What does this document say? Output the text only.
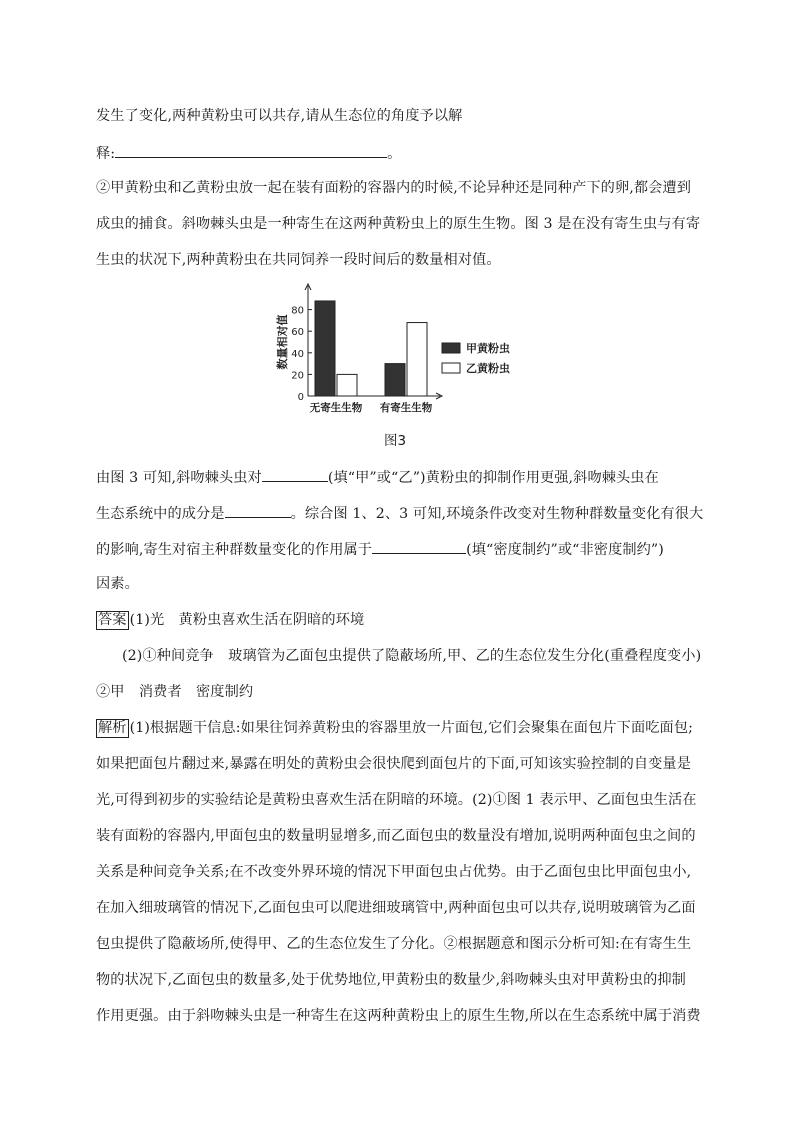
发生了变化,两种黄粉虫可以共存,请从生态位的角度予以解
释:	。
②甲黄粉虫和乙黄粉虫放一起在装有面粉的容器内的时候,不论异种还是同种产下的卵,都会遭到
成虫的捕食。斜吻棘头虫是一种寄生在这两种黄粉虫上的原生生物。图 3 是在没有寄生虫与有寄
生虫的状况下,两种黄粉虫在共同饲养一段时间后的数量相对值。
0
20
40
60
80
数量相对值
无寄生生物 有寄生生物
甲黄粉虫
乙黄粉虫
图3
由图 3 可知,斜吻棘头虫对	(填“甲”或“乙”)黄粉虫的抑制作用更强,斜吻棘头虫在
生态系统中的成分是	。综合图 1、2、3 可知,环境条件改变对生物种群数量变化有很大
的影响,寄生对宿主种群数量变化的作用属于	(填“密度制约”或“非密度制约”)
因素。
答案 (1)光　黄粉虫喜欢生活在阴暗的环境
(2)①种间竞争　玻璃管为乙面包虫提供了隐蔽场所,甲、乙的生态位发生分化(重叠程度变小)
②甲　消费者　密度制约
解析 (1)根据题干信息:如果往饲养黄粉虫的容器里放一片面包,它们会聚集在面包片下面吃面包;
如果把面包片翻过来,暴露在明处的黄粉虫会很快爬到面包片的下面,可知该实验控制的自变量是
光,可得到初步的实验结论是黄粉虫喜欢生活在阴暗的环境。(2)①图 1 表示甲、乙面包虫生活在
装有面粉的容器内,甲面包虫的数量明显增多,而乙面包虫的数量没有增加,说明两种面包虫之间的
关系是种间竞争关系;在不改变外界环境的情况下甲面包虫占优势。由于乙面包虫比甲面包虫小,
在加入细玻璃管的情况下,乙面包虫可以爬进细玻璃管中,两种面包虫可以共存,说明玻璃管为乙面
包虫提供了隐蔽场所,使得甲、乙的生态位发生了分化。②根据题意和图示分析可知:在有寄生生
物的状况下,乙面包虫的数量多,处于优势地位,甲黄粉虫的数量少,斜吻棘头虫对甲黄粉虫的抑制
作用更强。由于斜吻棘头虫是一种寄生在这两种黄粉虫上的原生生物,所以在生态系统中属于消费
